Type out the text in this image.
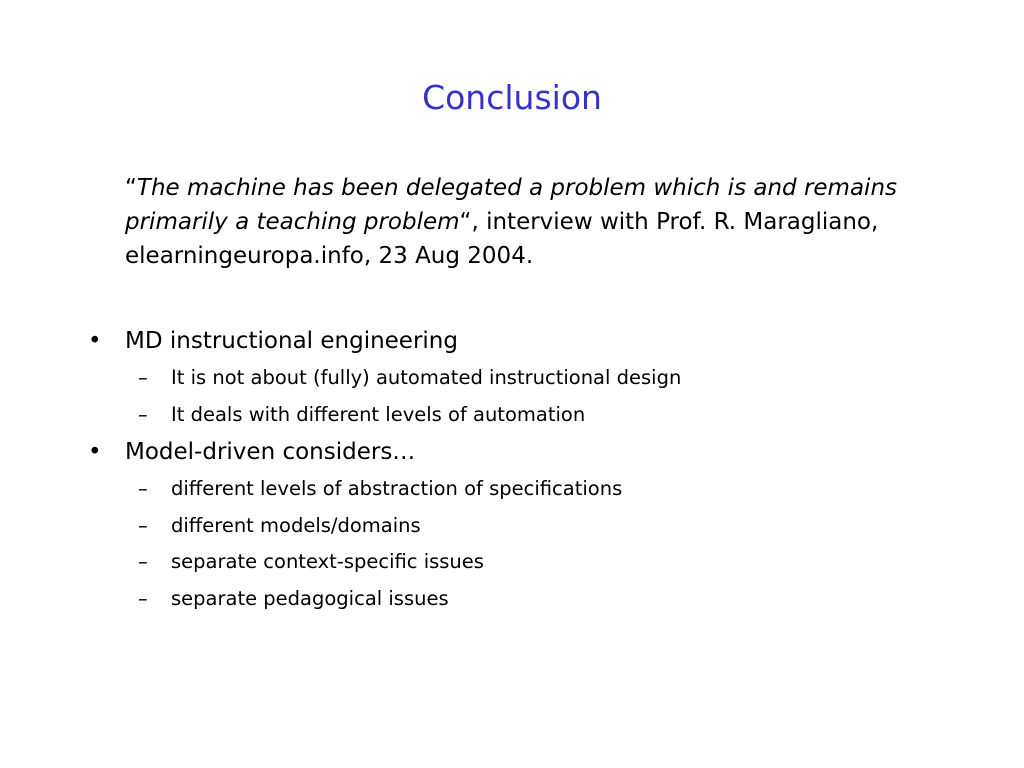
Conclusion
“The machine has been delegated a problem which is and remains primarily a teaching problem“, interview with Prof. R. Maragliano, elearningeuropa.info, 23 Aug 2004.
• MD instructional engineering
– It is not about (fully) automated instructional design
– It deals with different levels of automation
• Model-driven considers…
– different levels of abstraction of specifications
– different models/domains
– separate context-specific issues
– separate pedagogical issues
